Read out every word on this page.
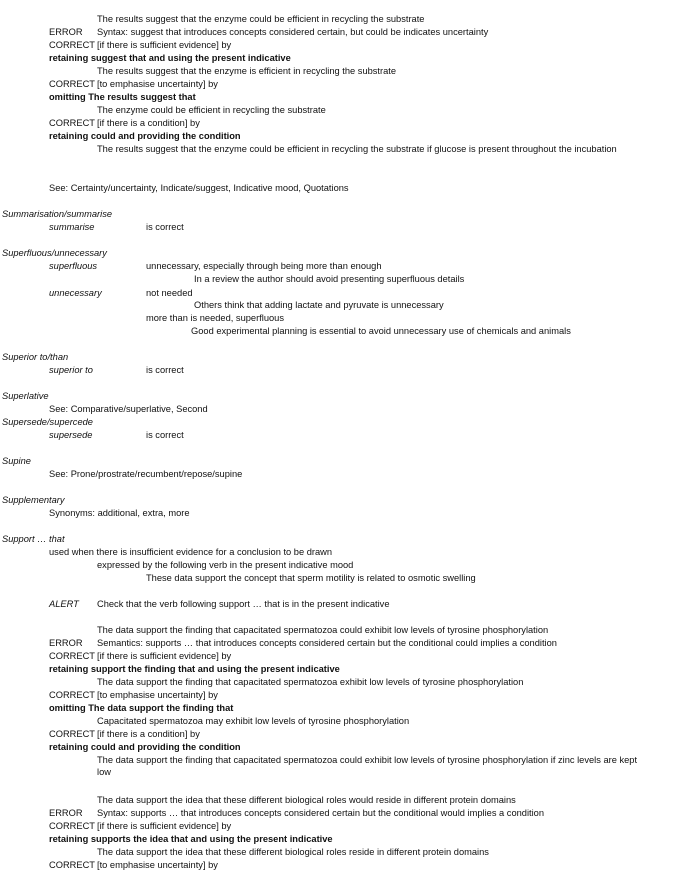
The results suggest that the enzyme could be efficient in recycling the substrate
ERROR Syntax: suggest that introduces concepts considered certain, but could be indicates uncertainty
CORRECT [if there is sufficient evidence] by
retaining suggest that and using the present indicative
The results suggest that the enzyme is efficient in recycling the substrate
CORRECT [to emphasise uncertainty] by
omitting The results suggest that
The enzyme could be efficient in recycling the substrate
CORRECT [if there is a condition] by
retaining could and providing the condition
The results suggest that the enzyme could be efficient in recycling the substrate if glucose is present throughout the incubation
See: Certainty/uncertainty, Indicate/suggest, Indicative mood, Quotations
Summarisation/summarise
summarise	is correct
Superfluous/unnecessary
superfluous	unnecessary, especially through being more than enough
In a review the author should avoid presenting superfluous details
unnecessary	not needed
Others think that adding lactate and pyruvate is unnecessary
more than is needed, superfluous
Good experimental planning is essential to avoid unnecessary use of chemicals and animals
Superior to/than
superior to	is correct
Superlative
See: Comparative/superlative, Second
Supersede/supercede
supersede	is correct
Supine
See: Prone/prostrate/recumbent/repose/supine
Supplementary
Synonyms: additional, extra, more
Support … that
used when there is insufficient evidence for a conclusion to be drawn
expressed by the following verb in the present indicative mood
These data support the concept that sperm motility is related to osmotic swelling
ALERT Check that the verb following support … that is in the present indicative
The data support the finding that capacitated spermatozoa could exhibit low levels of tyrosine phosphorylation
ERROR Semantics: supports … that introduces concepts considered certain but the conditional could implies a condition
CORRECT [if there is sufficient evidence] by
retaining support the finding that and using the present indicative
The data support the finding that capacitated spermatozoa exhibit low levels of tyrosine phosphorylation
CORRECT [to emphasise uncertainty] by
omitting The data support the finding that
Capacitated spermatozoa may exhibit low levels of tyrosine phosphorylation
CORRECT [if there is a condition] by
retaining could and providing the condition
The data support the finding that capacitated spermatozoa could exhibit low levels of tyrosine phosphorylation if zinc levels are kept low
The data support the idea that these different biological roles would reside in different protein domains
ERROR Syntax: supports … that introduces concepts considered certain but the conditional would implies a condition
CORRECT [if there is sufficient evidence] by
retaining supports the idea that and using the present indicative
The data support the idea that these different biological roles reside in different protein domains
CORRECT [to emphasise uncertainty] by
